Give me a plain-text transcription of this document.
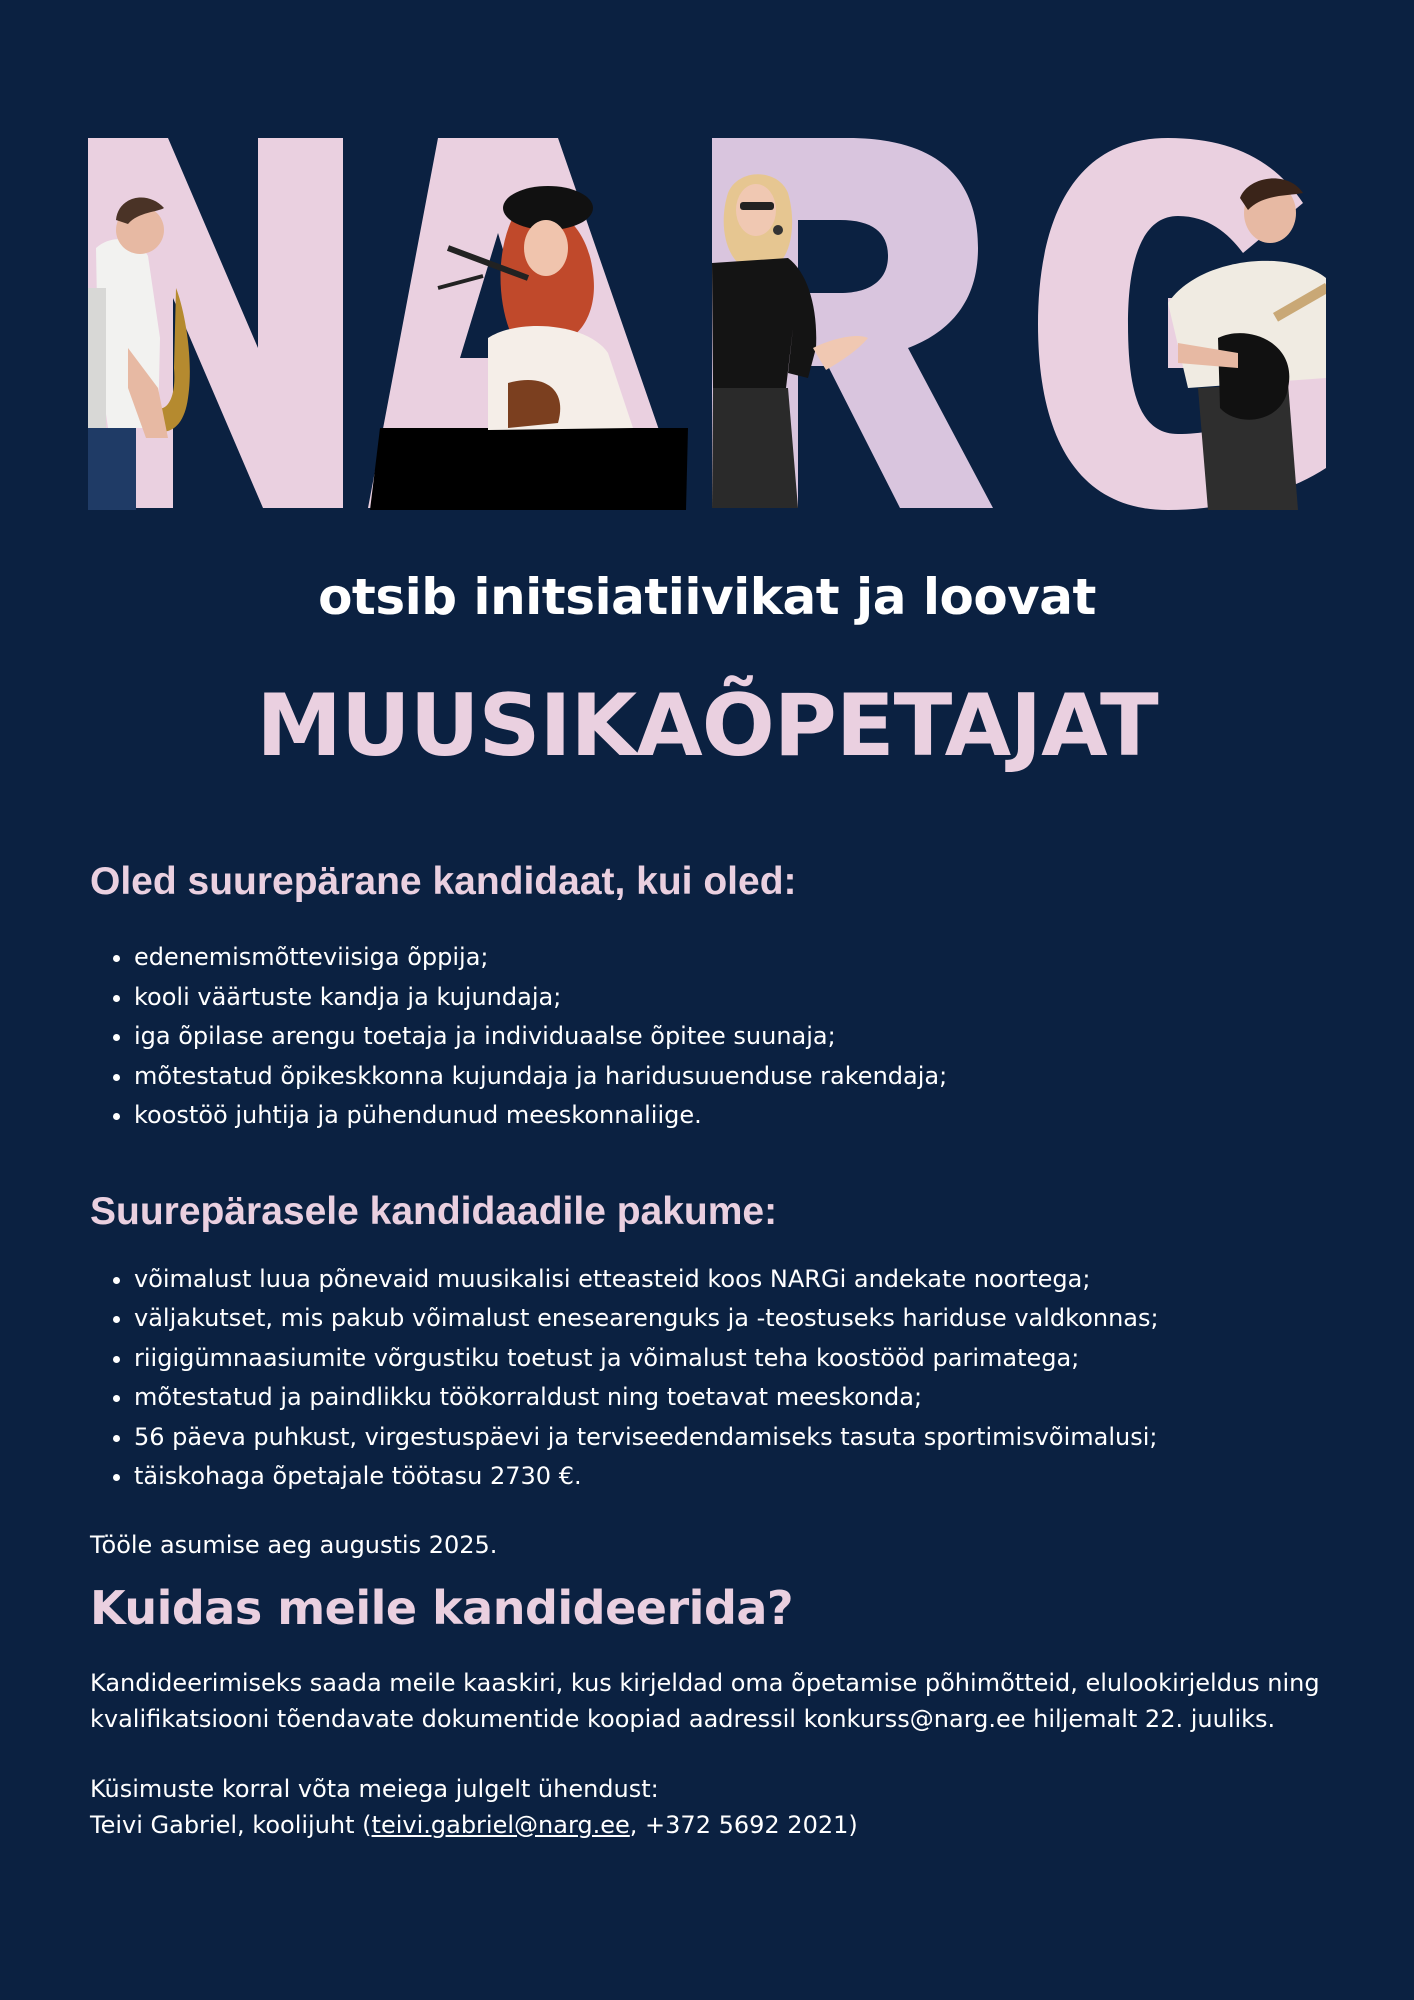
otsib initsiatiivikat ja loovat
MUUSIKAÕPETAJAT
Oled suurepärane kandidaat, kui oled:
• edenemismõtteviisiga õppija;
• kooli väärtuste kandja ja kujundaja;
• iga õpilase arengu toetaja ja individuaalse õpitee suunaja;
• mõtestatud õpikeskkonna kujundaja ja haridusuuenduse rakendaja;
• koostöö juhtija ja pühendunud meeskonnaliige.
Suurepärasele kandidaadile pakume:
• võimalust luua põnevaid muusikalisi etteasteid koos NARGi andekate noortega;
• väljakutset, mis pakub võimalust enesearenguks ja -teostuseks hariduse valdkonnas;
• riigigümnaasiumite võrgustiku toetust ja võimalust teha koostööd parimatega;
• mõtestatud ja paindlikku töökorraldust ning toetavat meeskonda;
• 56 päeva puhkust, virgestuspäevi ja terviseedendamiseks tasuta sportimisvõimalusi;
• täiskohaga õpetajale töötasu 2730 €.

Tööle asumise aeg augustis 2025.

Kuidas meile kandideerida?

Kandideerimiseks saada meile kaaskiri, kus kirjeldad oma õpetamise põhimõtteid, elulookirjeldus ning kvalifikatsiooni tõendavate dokumentide koopiad aadressil konkurss@narg.ee hiljemalt 22. juuliks.

Küsimuste korral võta meiega julgelt ühendust:
Teivi Gabriel, koolijuht (teivi.gabriel@narg.ee, +372 5692 2021)
